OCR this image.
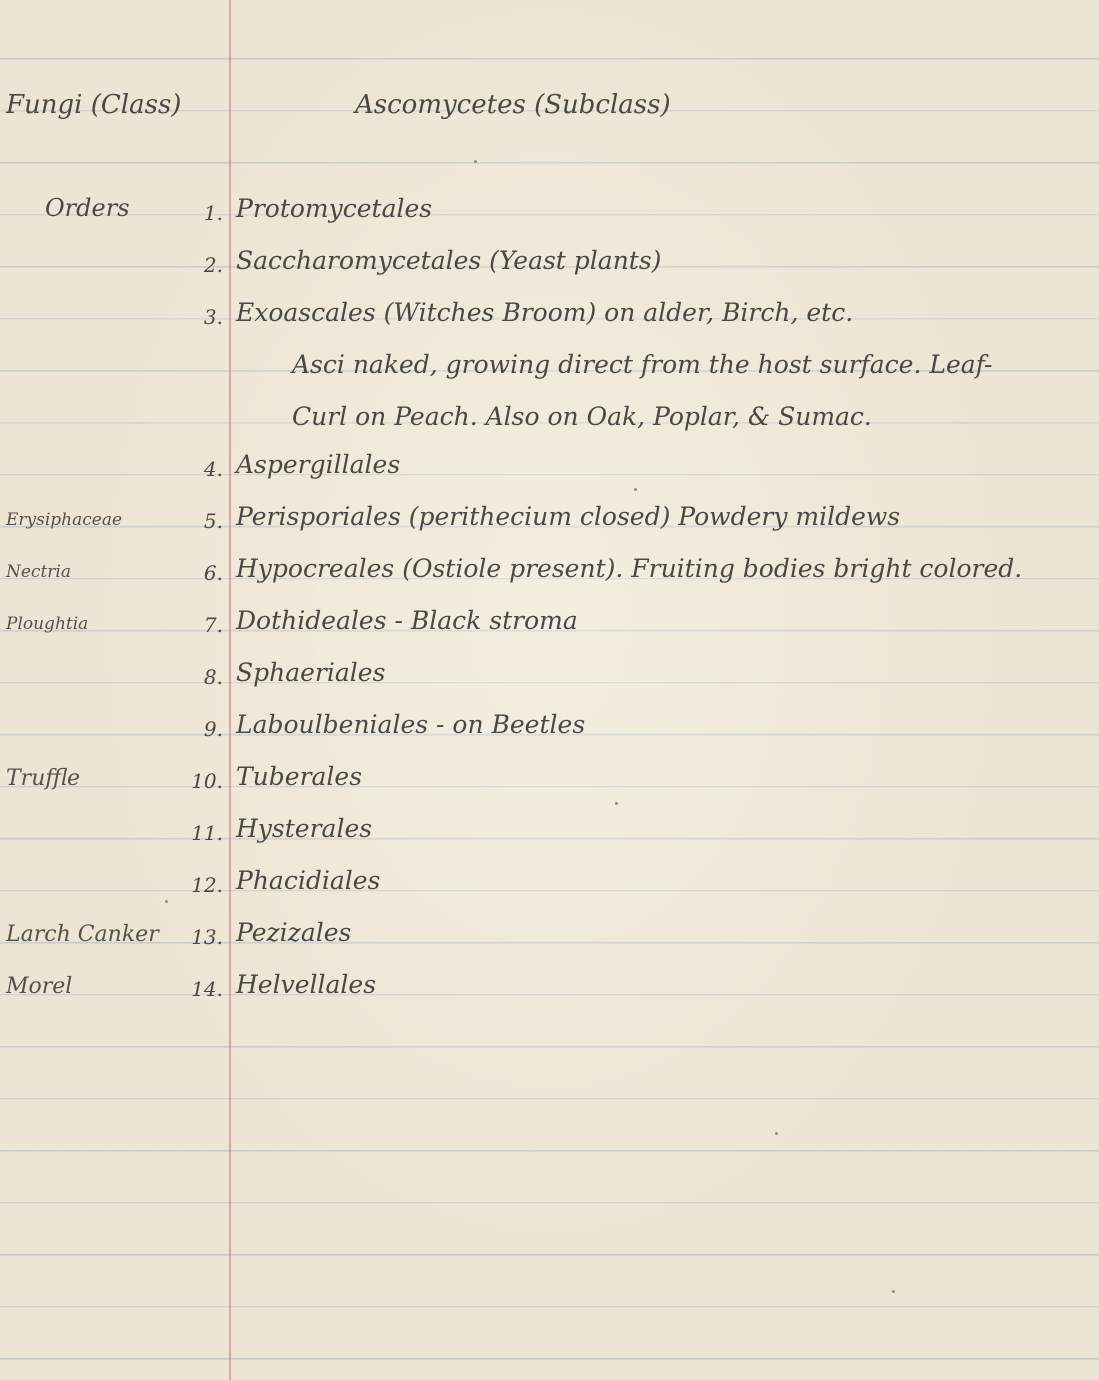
Fungi (Class)	Ascomycetes (Subclass)
Orders	1. Protomycetales
2. Saccharomycetales (Yeast plants)
3. Exoascales (Witches Broom) on alder, Birch, etc.
Asci naked, growing direct from the host surface. Leaf-
Curl on Peach. Also on Oak, Poplar, & Sumac.
4. Aspergillales
Erysiphaceae	5. Perisporiales (perithecium closed) Powdery mildews
Nectria	6. Hypocreales (Ostiole present). Fruiting bodies bright colored.
Ploughtia	7. Dothideales - Black stroma
8. Sphaeriales
9. Laboulbeniales - on Beetles
Truffle	10. Tuberales
11. Hysterales
12. Phacidiales
Larch Canker 13. Pezizales
Morel	14. Helvellales
